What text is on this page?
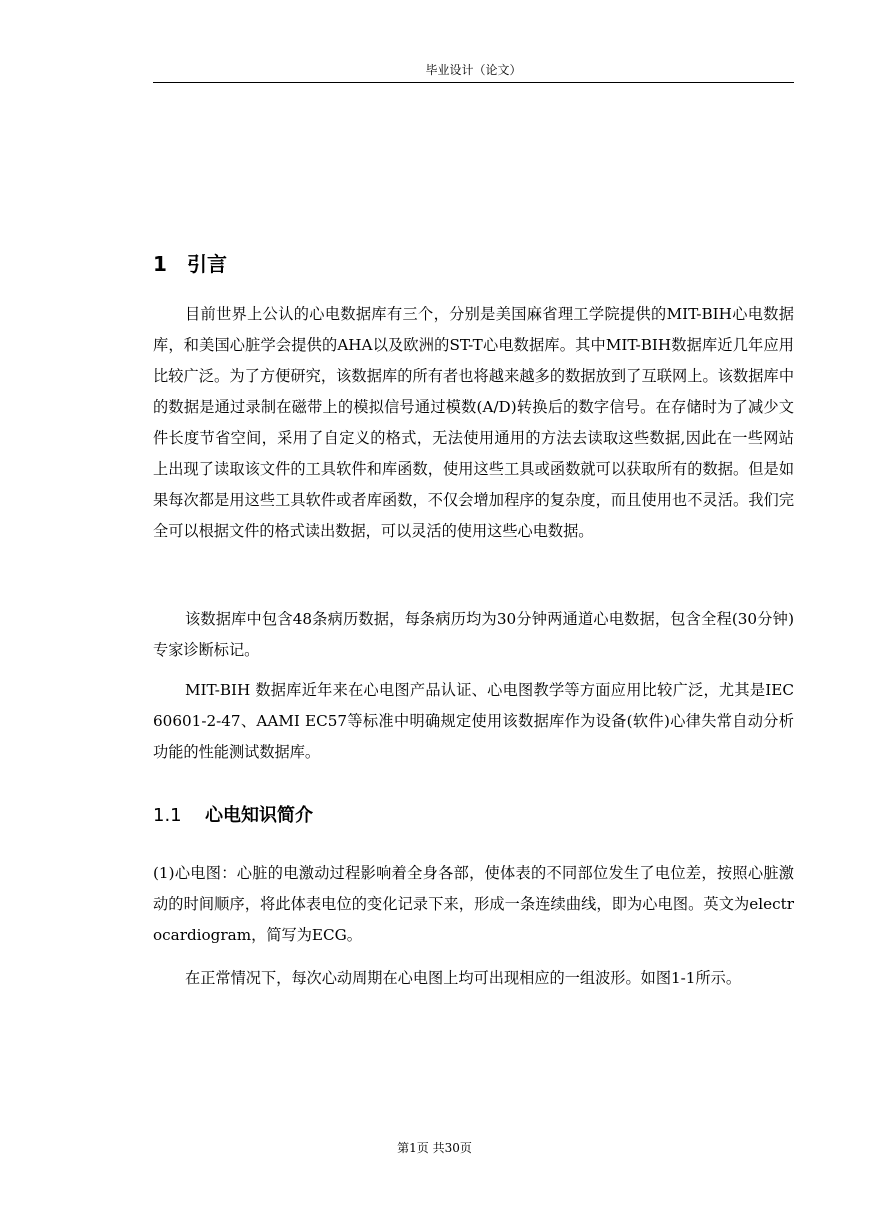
毕业设计（论文）
1 引言

目前世界上公认的心电数据库有三个，分别是美国麻省理工学院提供的MIT-BIH心电数据库，和美国心脏学会提供的AHA以及欧洲的ST-T心电数据库。其中MIT-BIH数据库近几年应用比较广泛。为了方便研究，该数据库的所有者也将越来越多的数据放到了互联网上。该数据库中的数据是通过录制在磁带上的模拟信号通过模数(A/D)转换后的数字信号。在存储时为了减少文件长度节省空间，采用了自定义的格式，无法使用通用的方法去读取这些数据,因此在一些网站上出现了读取该文件的工具软件和库函数，使用这些工具或函数就可以获取所有的数据。但是如果每次都是用这些工具软件或者库函数，不仅会增加程序的复杂度，而且使用也不灵活。我们完全可以根据文件的格式读出数据，可以灵活的使用这些心电数据。

该数据库中包含48条病历数据，每条病历均为30分钟两通道心电数据，包含全程(30分钟)专家诊断标记。

MIT-BIH 数据库近年来在心电图产品认证、心电图教学等方面应用比较广泛，尤其是IEC60601-2-47、AAMI EC57等标准中明确规定使用该数据库作为设备(软件)心律失常自动分析功能的性能测试数据库。

1.1 心电知识简介

(1)心电图：心脏的电激动过程影响着全身各部，使体表的不同部位发生了电位差，按照心脏激动的时间顺序，将此体表电位的变化记录下来，形成一条连续曲线，即为心电图。英文为electrocardiogram，简写为ECG。

在正常情况下，每次心动周期在心电图上均可出现相应的一组波形。如图1-1所示。

第1页 共30页
